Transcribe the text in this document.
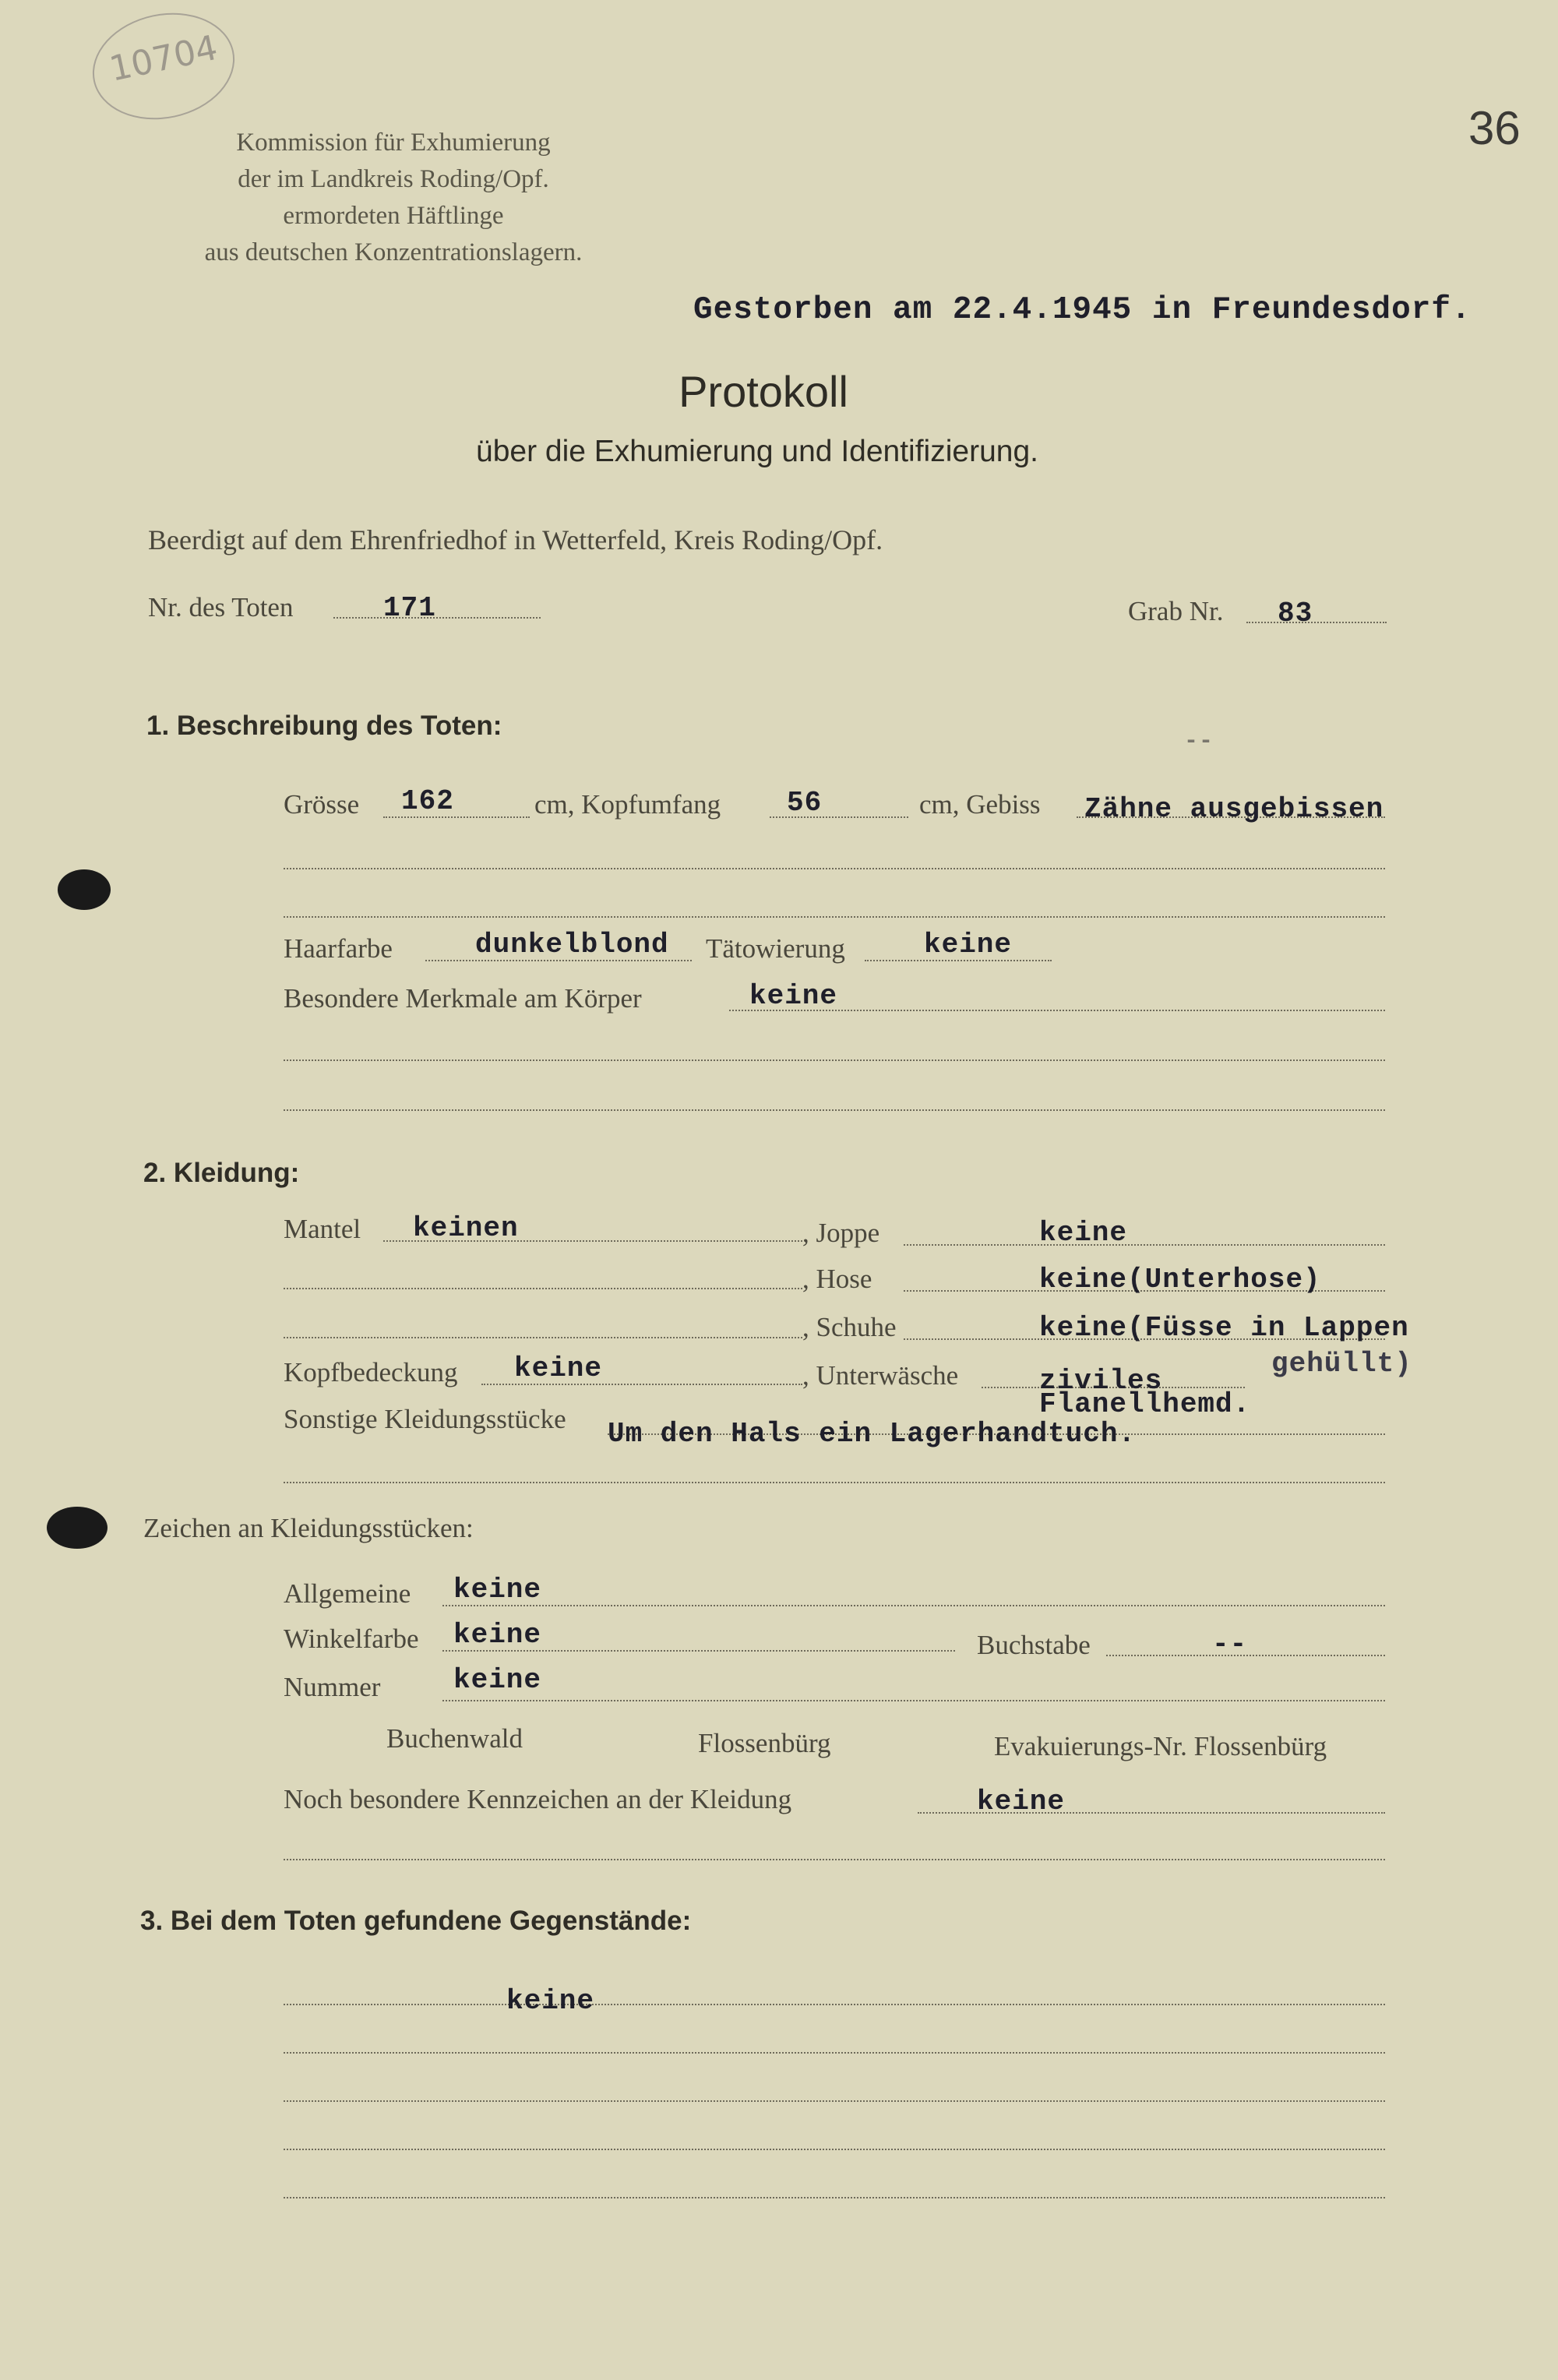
10704
36
Kommission für Exhumierung
der im Landkreis Roding/Opf.
ermordeten Häftlinge
aus deutschen Konzentrationslagern.
Gestorben am 22.4.1945 in Freundesdorf.
Protokoll
über die Exhumierung und Identifizierung.
Beerdigt auf dem Ehrenfriedhof in Wetterfeld, Kreis Roding/Opf.
Nr. des Toten	171	Grab Nr. 83
1. Beschreibung des Toten:
--
Grösse 162	cm, Kopfumfang 56	cm, Gebiss Zähne ausgebissen
Haarfarbe	dunkelblond Tätowierung	keine
Besondere Merkmale am Körper	keine
2. Kleidung:
Mantel keinen	, Joppe	keine
, Hose	keine(Unterhose)
, Schuhe	keine(Füsse in Lappen
gehüllt)
Kopfbedeckung keine	, Unterwäsche	ziviles
Flanellhemd.
Sonstige Kleidungsstücke Um den Hals ein Lagerhandtuch.
Zeichen an Kleidungsstücken:
Allgemeine keine
Winkelfarbe keine	Buchstabe	--
Nummer	keine
Buchenwald	Flossenbürg	Evakuierungs-Nr. Flossenbürg
Noch besondere Kennzeichen an der Kleidung	keine
3. Bei dem Toten gefundene Gegenstände:
keine
